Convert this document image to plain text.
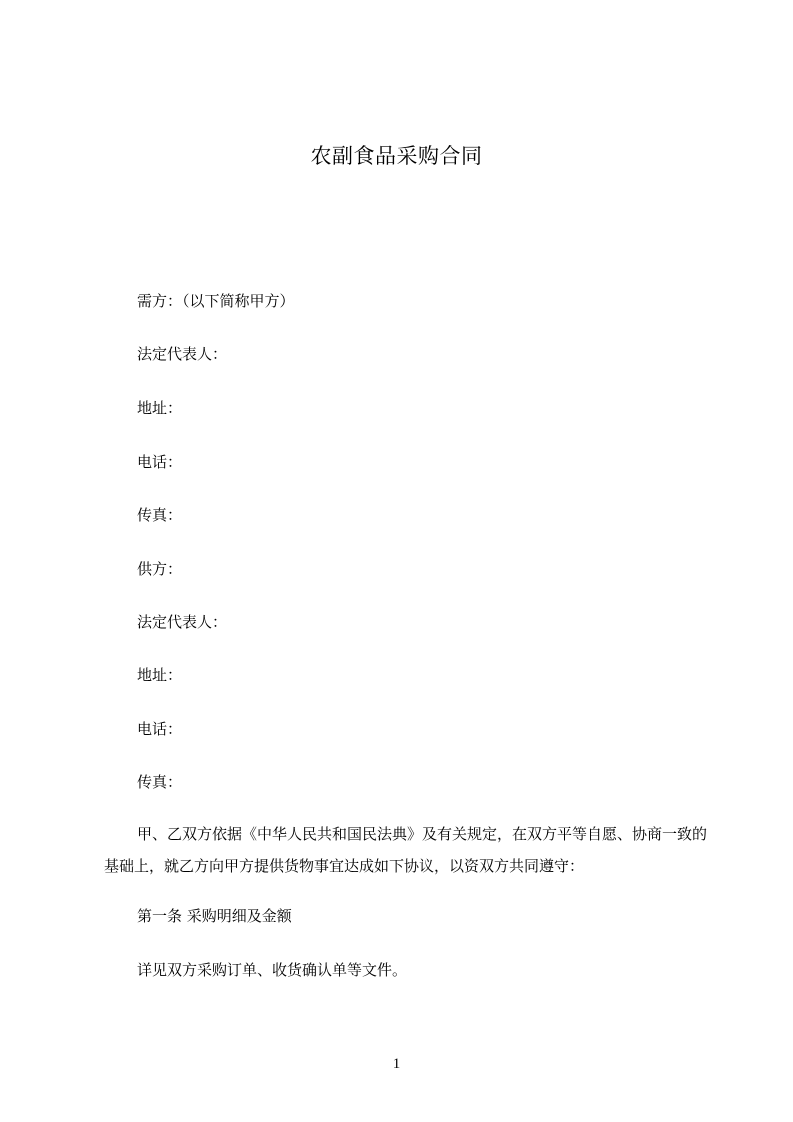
农副食品采购合同
需方：（以下简称甲方）
法定代表人：
地址：
电话：
传真：
供方：
法定代表人：
地址：
电话：
传真：
甲、乙双方依据《中华人民共和国民法典》及有关规定，在双方平等自愿、协商一致的基础上，就乙方向甲方提供货物事宜达成如下协议，以资双方共同遵守：
第一条 采购明细及金额
详见双方采购订单、收货确认单等文件。
1
